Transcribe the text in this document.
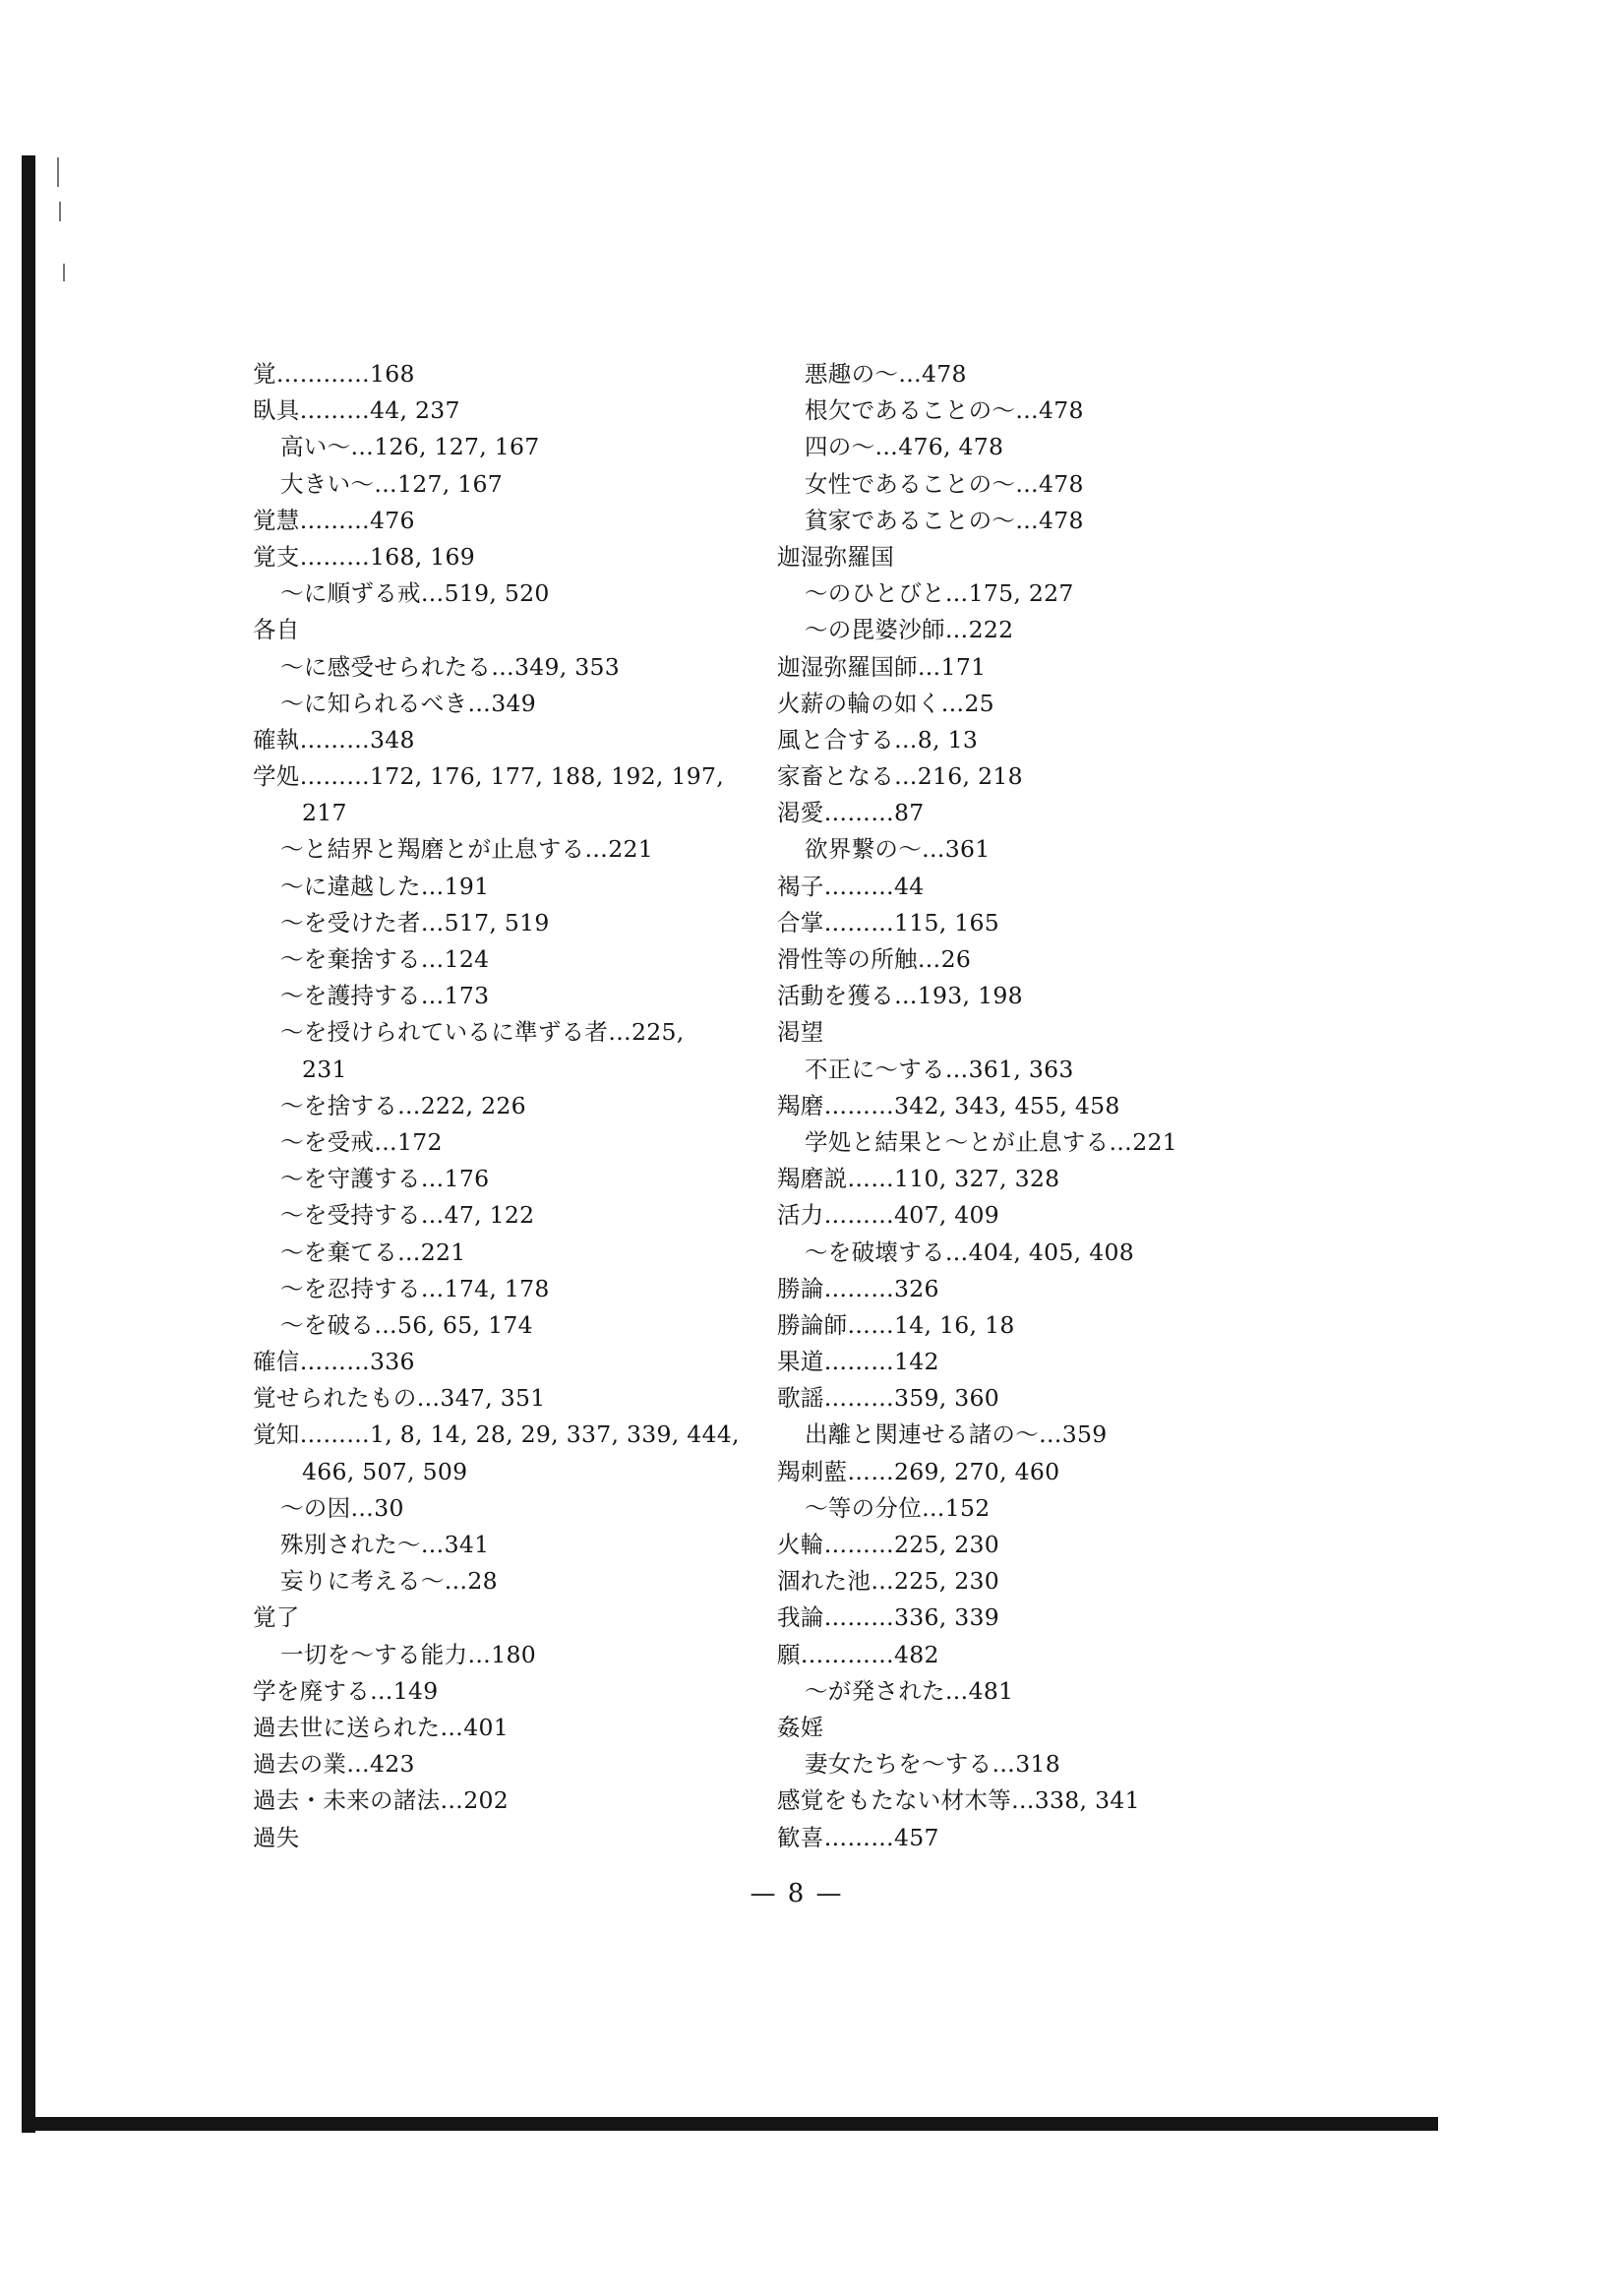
覚…………168
臥具………44, 237
高い～…126, 127, 167
大きい～…127, 167
覚慧………476
覚支………168, 169
～に順ずる戒…519, 520
各自
～に感受せられたる…349, 353
～に知られるべき…349
確執………348
学処………172, 176, 177, 188, 192, 197,
217
～と結界と羯磨とが止息する…221
～に違越した…191
～を受けた者…517, 519
～を棄捨する…124
～を護持する…173
～を授けられているに準ずる者…225,
231
～を捨する…222, 226
～を受戒…172
～を守護する…176
～を受持する…47, 122
～を棄てる…221
～を忍持する…174, 178
～を破る…56, 65, 174
確信………336
覚せられたもの…347, 351
覚知………1, 8, 14, 28, 29, 337, 339, 444,
466, 507, 509
～の因…30
殊別された～…341
妄りに考える～…28
覚了
一切を～する能力…180
学を廃する…149
過去世に送られた…401
過去の業…423
過去・未来の諸法…202
過失
悪趣の～…478
根欠であることの～…478
四の～…476, 478
女性であることの～…478
貧家であることの～…478
迦湿弥羅国
～のひとびと…175, 227
～の毘婆沙師…222
迦湿弥羅国師…171
火薪の輪の如く…25
風と合する…8, 13
家畜となる…216, 218
渇愛………87
欲界繋の～…361
褐子………44
合掌………115, 165
滑性等の所触…26
活動を獲る…193, 198
渇望
不正に～する…361, 363
羯磨………342, 343, 455, 458
学処と結果と～とが止息する…221
羯磨説……110, 327, 328
活力………407, 409
～を破壊する…404, 405, 408
勝論………326
勝論師……14, 16, 18
果道………142
歌謡………359, 360
出離と関連せる諸の～…359
羯刺藍……269, 270, 460
～等の分位…152
火輪………225, 230
涸れた池…225, 230
我論………336, 339
願…………482
～が発された…481
姦婬
妻女たちを～する…318
感覚をもたない材木等…338, 341
歓喜………457
— 8 —
